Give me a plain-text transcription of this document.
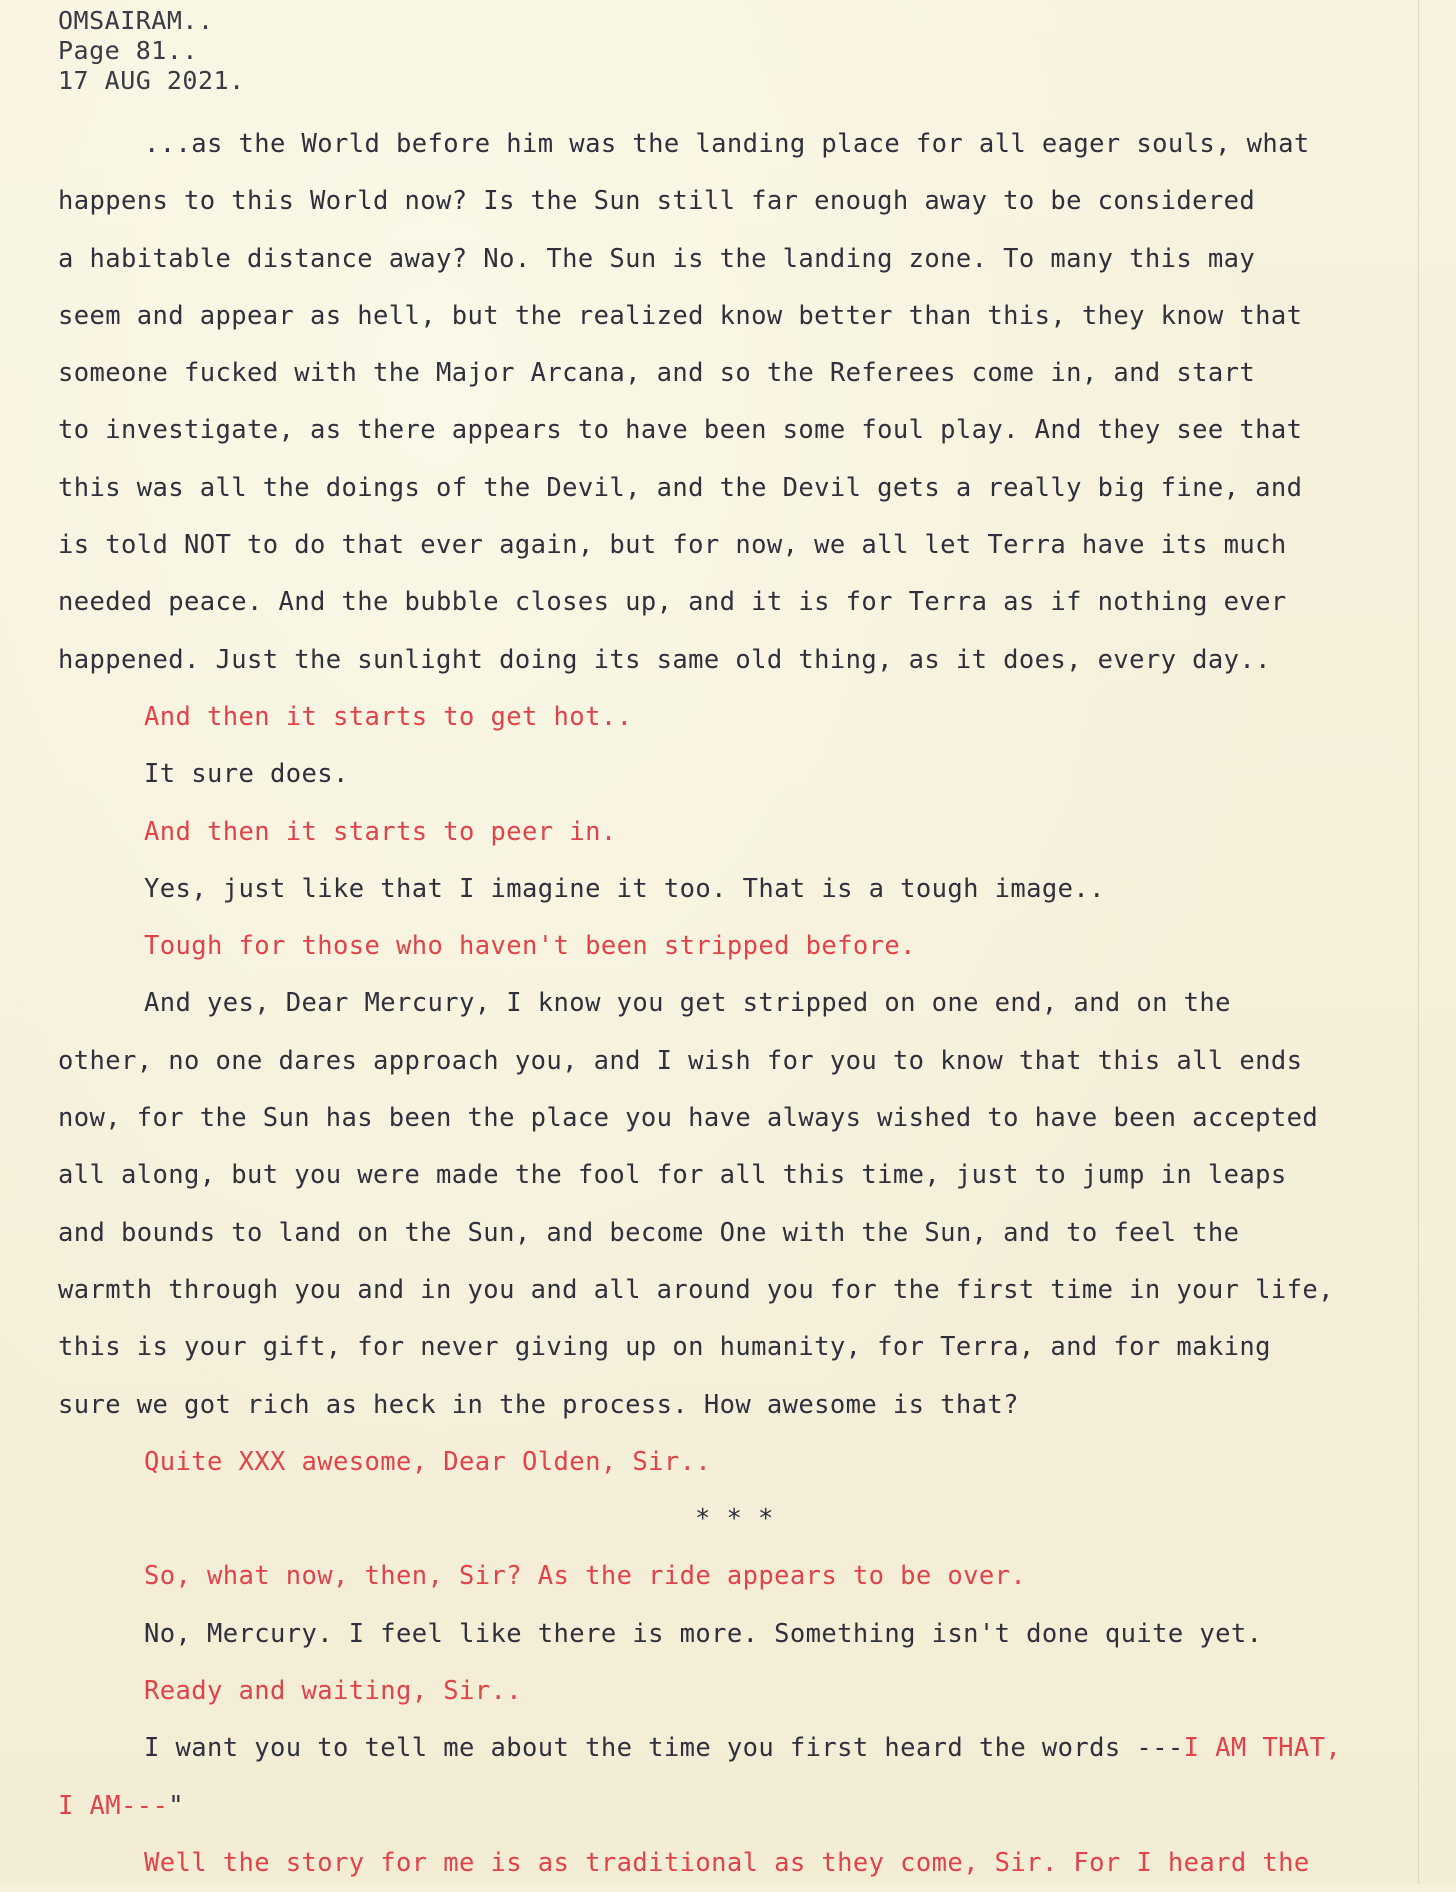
OMSAIRAM..
Page 81..
17 AUG 2021.
...as the World before him was the landing place for all eager souls, what
happens to this World now? Is the Sun still far enough away to be considered
a habitable distance away? No. The Sun is the landing zone. To many this may
seem and appear as hell, but the realized know better than this, they know that
someone fucked with the Major Arcana, and so the Referees come in, and start
to investigate, as there appears to have been some foul play. And they see that
this was all the doings of the Devil, and the Devil gets a really big fine, and
is told NOT to do that ever again, but for now, we all let Terra have its much
needed peace. And the bubble closes up, and it is for Terra as if nothing ever
happened. Just the sunlight doing its same old thing, as it does, every day..
And then it starts to get hot..
It sure does.
And then it starts to peer in.
Yes, just like that I imagine it too. That is a tough image..
Tough for those who haven't been stripped before.
And yes, Dear Mercury, I know you get stripped on one end, and on the
other, no one dares approach you, and I wish for you to know that this all ends
now, for the Sun has been the place you have always wished to have been accepted
all along, but you were made the fool for all this time, just to jump in leaps
and bounds to land on the Sun, and become One with the Sun, and to feel the
warmth through you and in you and all around you for the first time in your life,
this is your gift, for never giving up on humanity, for Terra, and for making
sure we got rich as heck in the process. How awesome is that?
Quite XXX awesome, Dear Olden, Sir..
* * *
So, what now, then, Sir? As the ride appears to be over.
No, Mercury. I feel like there is more. Something isn't done quite yet.
Ready and waiting, Sir..
I want you to tell me about the time you first heard the words ---I AM THAT,
I AM---"
Well the story for me is as traditional as they come, Sir. For I heard the
